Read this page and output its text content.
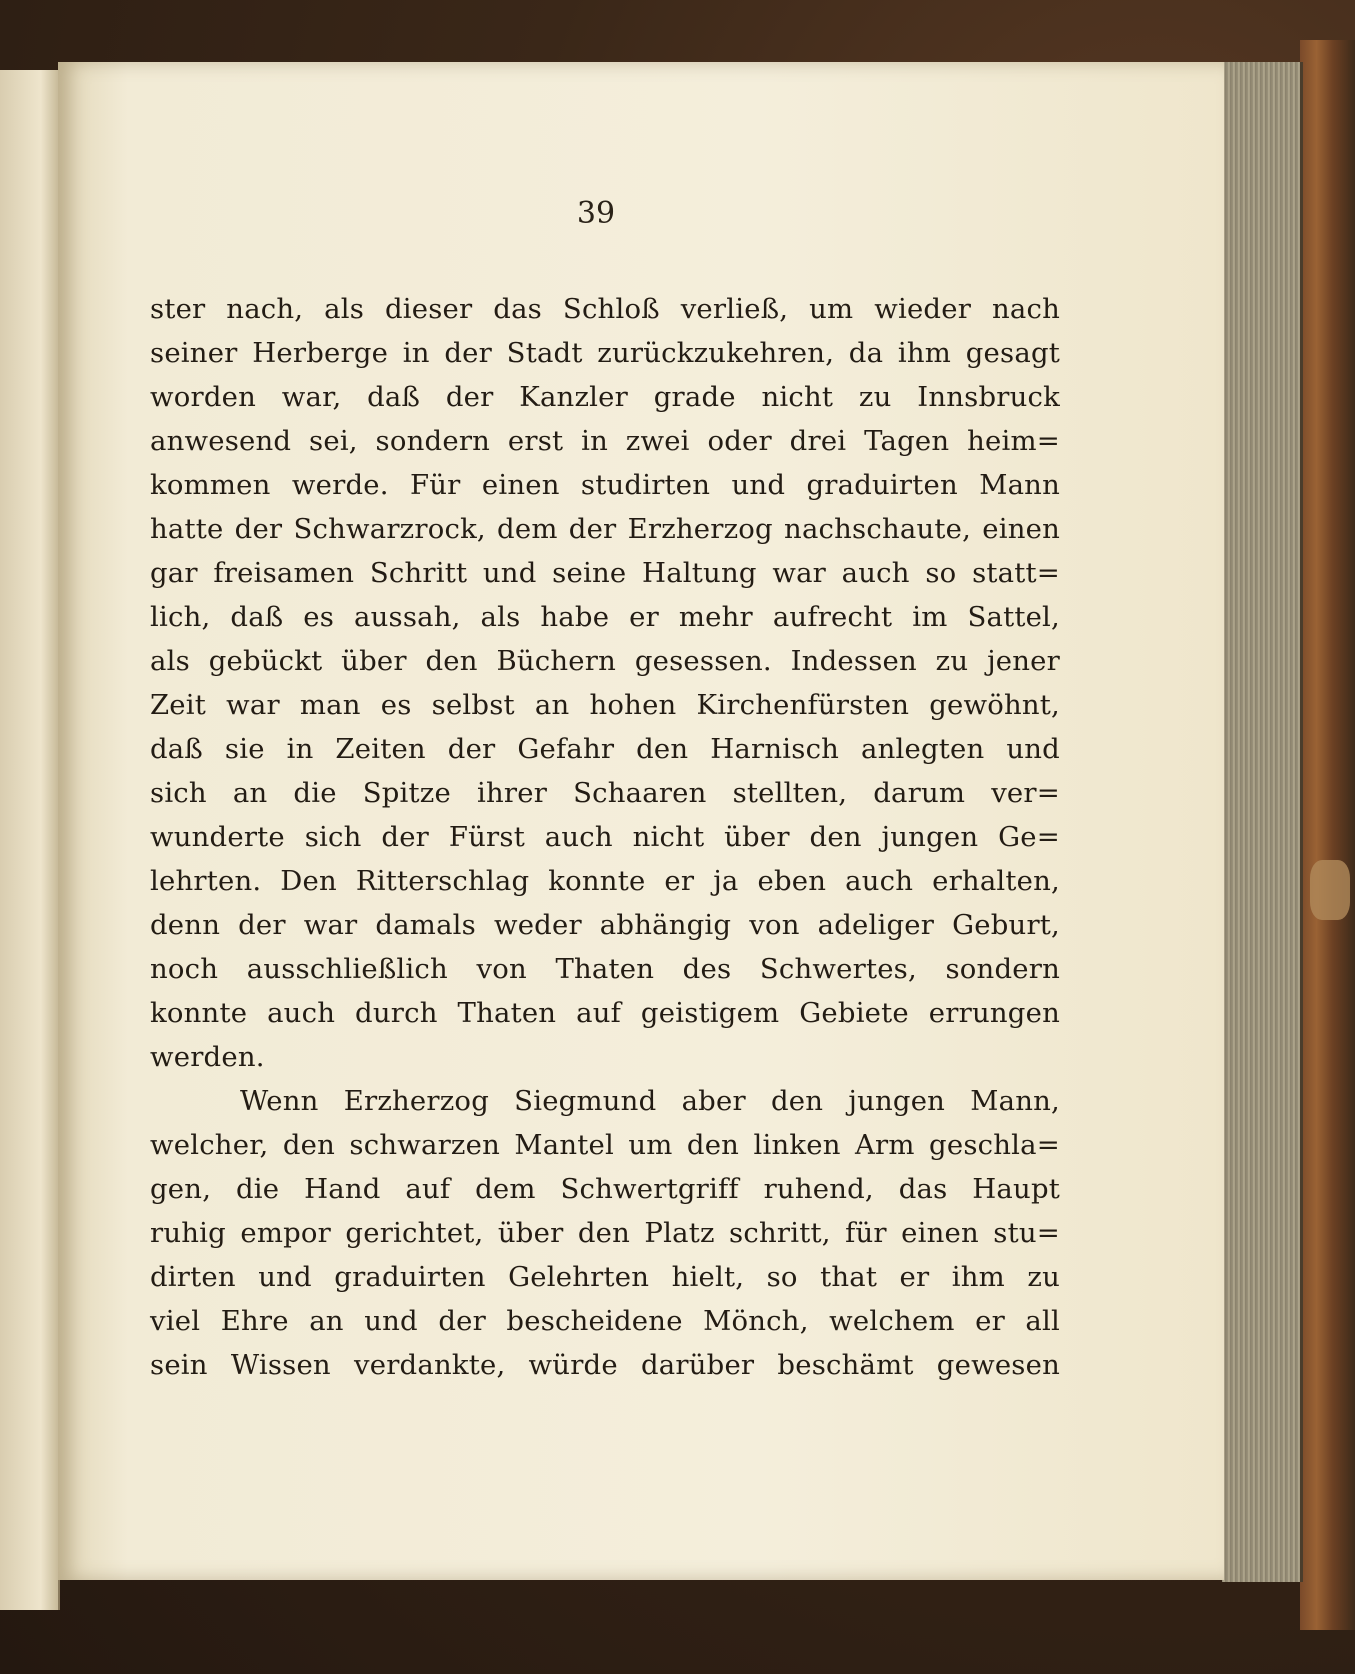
39

ster nach, als dieser das Schloß verließ, um wieder nach
seiner Herberge in der Stadt zurückzukehren, da ihm gesagt
worden war, daß der Kanzler grade nicht zu Innsbruck
anwesend sei, sondern erst in zwei oder drei Tagen heim=
kommen werde. Für einen studirten und graduirten Mann
hatte der Schwarzrock, dem der Erzherzog nachschaute, einen
gar freisamen Schritt und seine Haltung war auch so statt=
lich, daß es aussah, als habe er mehr aufrecht im Sattel,
als gebückt über den Büchern gesessen. Indessen zu jener
Zeit war man es selbst an hohen Kirchenfürsten gewöhnt,
daß sie in Zeiten der Gefahr den Harnisch anlegten und
sich an die Spitze ihrer Schaaren stellten, darum ver=
wunderte sich der Fürst auch nicht über den jungen Ge=
lehrten. Den Ritterschlag konnte er ja eben auch erhalten,
denn der war damals weder abhängig von adeliger Geburt,
noch ausschließlich von Thaten des Schwertes, sondern
konnte auch durch Thaten auf geistigem Gebiete errungen
werden.
Wenn Erzherzog Siegmund aber den jungen Mann,
welcher, den schwarzen Mantel um den linken Arm geschla=
gen, die Hand auf dem Schwertgriff ruhend, das Haupt
ruhig empor gerichtet, über den Platz schritt, für einen stu=
dirten und graduirten Gelehrten hielt, so that er ihm zu
viel Ehre an und der bescheidene Mönch, welchem er all
sein Wissen verdankte, würde darüber beschämt gewesen
